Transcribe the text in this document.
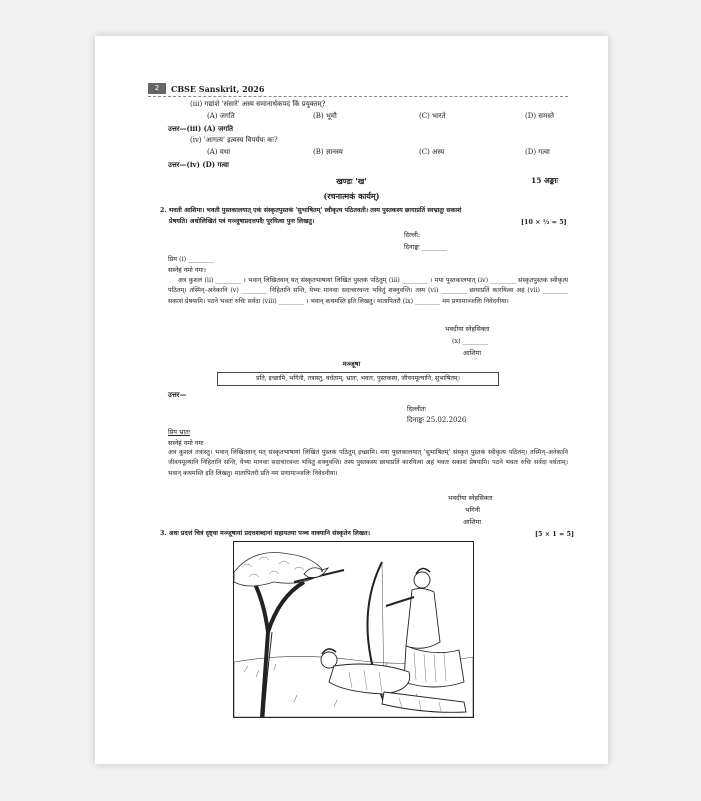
2	CBSE Sanskrit, 2026
(iii) गद्यांशे 'संसारे' अस्य समानार्थकपदं किं प्रयुक्तम्?
(A) जगति	(B) भूमौ	(C) भारते	(D) समस्ते
उत्तर—(iii) (A) जगति
(iv) 'आगत्य' इत्यस्य विपर्ययः कः?
(A) यथा	(B) ज्ञानस्य	(C) अस्य	(D) गत्वा
उत्तर—(iv) (D) गत्वा
खण्डः 'ख'	15 अङ्काः
(रचनात्मकं कार्यम्)
2. भवती आशिमा। भवती पुस्तकालयात् एकं संस्कृतपुस्तकं 'सुभाषितम्' स्वीकृत्य पठितवती। तस्य पुस्तकस्य छायाप्रतिं स्वभ्रातुः सकाशं
प्रेषयति। अधोलिखितं पत्रं मञ्जूषाप्रदत्तपदैः पूरयित्वा पुनः लिखतु।	[10 × ½ = 5]
दिल्ली:
दिनाङ्कः ________
प्रिय (i) ________
सस्नेहं नमो नमः।
अत्र कुशलं (ii) ________ । भवान् लिखितवान् यत् संस्कृतभाषायां लिखितं पुस्तकं पठितुम् (iii) ________ । मया पुस्तकालयात् (iv) ________ संस्कृतपुस्तकं स्वीकृत्य पठितम्। तस्मिन्–अनेकानि (v) ________ निहितानि सन्ति, येभ्यः मानवाः सदाचारवन्तः भवितुं शक्नुवन्ति। तस्य (vi) ________ छायाप्रतिं कारयित्वा अहं (vii) ________ सकाशं प्रेषयामि। पठने भवतः रुचिः सर्वदा (viii) ________ । भवान् कथमस्ति इति लिखतु। मातापितरौ (ix) ________ मम प्रणामाञ्जलिः निवेदनीया।
भवदीया स्नेहसिक्ता
(x) ________
आशिमा
मञ्जूषा
प्रति, इच्छामि, भगिनी, तत्रास्तु, वर्धताम्, भ्रातः, भवतः, पुस्तकस्य, जीवनमूल्यानि, सुभाषितम्।
उत्तर—
दिल्लीतः
दिनाङ्कः 25.02.2026
प्रिय भ्रातः
सस्नेहं नमो नमः
अत्र कुशलं तत्रास्तु। भवान् लिखितवान् यत् संस्कृतभाषायां लिखितं पुस्तकं पठितुम् इच्छामि। मया पुस्तकालयात् 'सुभाषितम्' संस्कृत पुस्तकं स्वीकृत्य पठितम्। तस्मिन्–अनेकानि जीवनमूल्यानि निहितानि सन्ति, येभ्यः मानवाः सदाचारवन्तः भवितुं शक्नुवन्ति। तस्य पुस्तकस्य छायाप्रतिं कारयित्वा अहं भवतः सकाशं प्रेषयामि। पठने भवतः रुचिः सर्वदा वर्धताम्। भवान् कथमस्ति इति लिखतु। मातापितरौ प्रति मम प्रणामाञ्जलिः निवेदनीया।
भवदीया स्नेहसिक्ता
भगिनी
आशिमा
3. अधः प्रदत्तं चित्रं दृष्ट्वा मञ्जूषायां प्रदत्तशब्दानां सहायतया पञ्च वाक्यानि संस्कृतेन लिखत।	[5 × 1 = 5]
